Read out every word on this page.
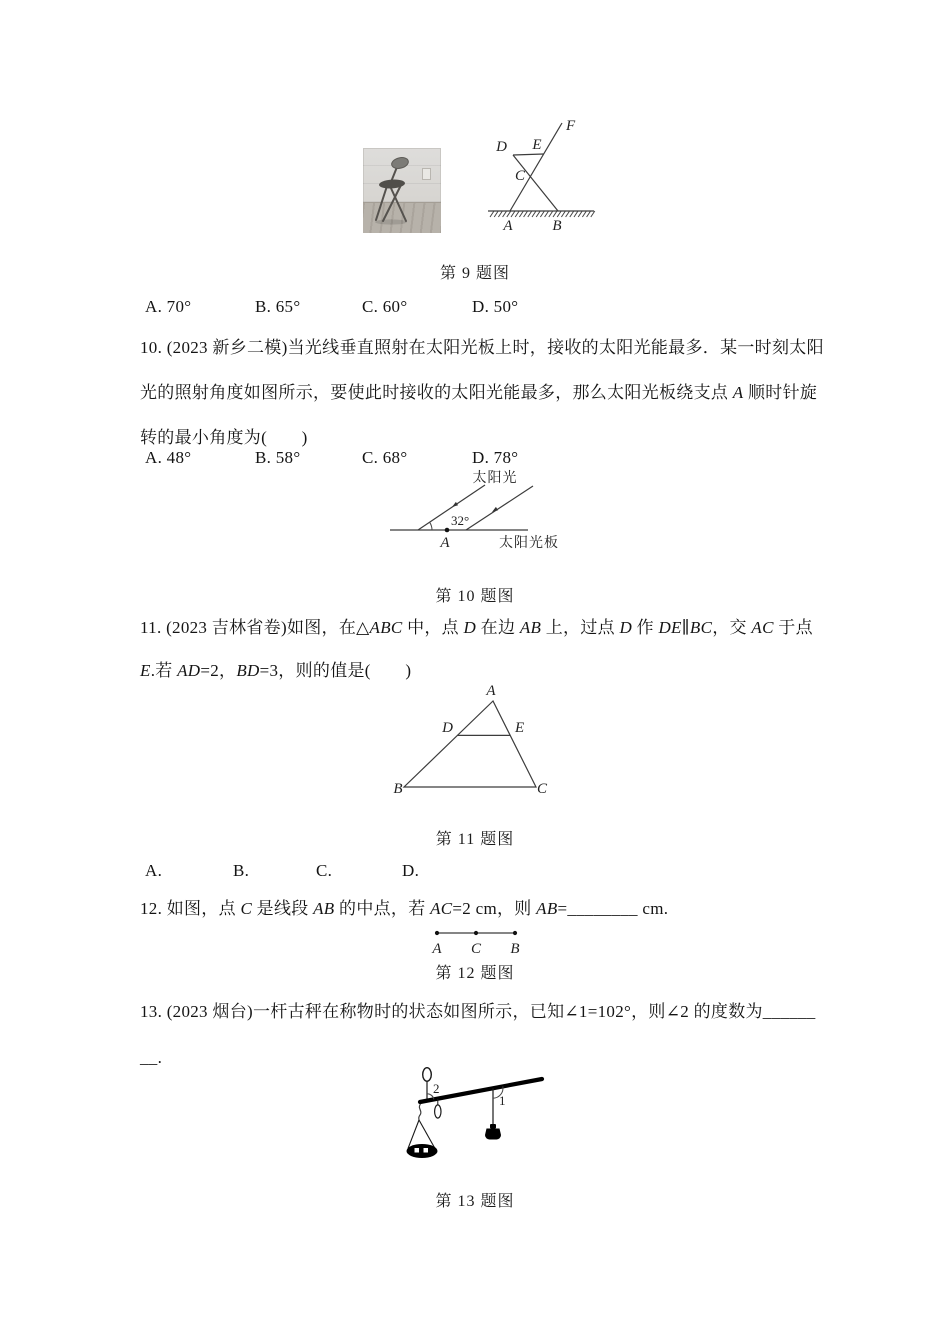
D E
F
C
A	B
第 9 题图
A. 70°	B. 65°	C. 60°	D. 50°
10. (2023 新乡二模)当光线垂直照射在太阳光板上时，接收的太阳光能最多．某一时刻太阳
光的照射角度如图所示，要使此时接收的太阳光能最多，那么太阳光板绕支点 A 顺时针旋
转的最小角度为(　　)
A. 48°	B. 58°	C. 68°	D. 78°
32°
A
太阳光
太阳光板
第 10 题图
11. (2023 吉林省卷)如图，在△ABC 中，点 D 在边 AB 上，过点 D 作 DE∥BC，交 AC 于点
E.若 AD=2，BD=3，则的值是(　　)
A
B	C
D	E
第 11 题图
A.	B.	C.	D.
12. 如图，点 C 是线段 AB 的中点，若 AC=2 cm，则 AB=________ cm.
A C B
第 12 题图
13. (2023 烟台)一杆古秤在称物时的状态如图所示，已知∠1=102°，则∠2 的度数为______
__.
2
1
第 13 题图
